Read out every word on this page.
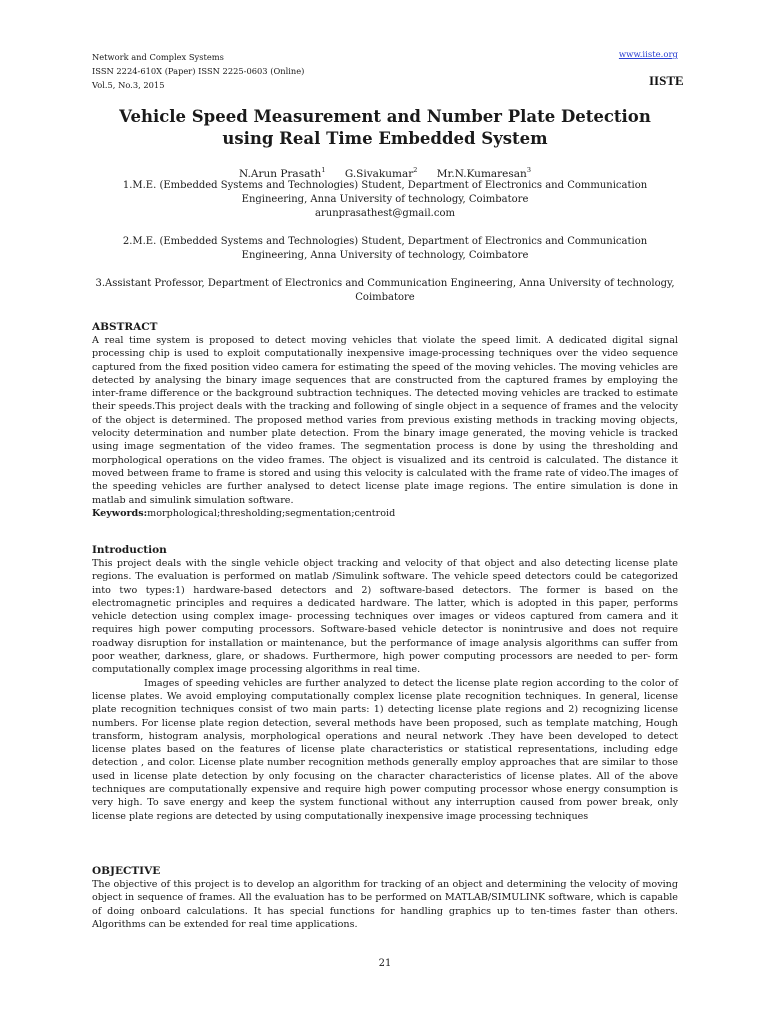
Network and Complex Systems
ISSN 2224-610X (Paper) ISSN 2225-0603 (Online)
Vol.5, No.3, 2015
www.iiste.org
IISTE
Vehicle Speed Measurement and Number Plate Detection using Real Time Embedded System
N.Arun Prasath$^1$ G.Sivakumar$^2$ Mr.N.Kumaresan$^3$
1.M.E. (Embedded Systems and Technologies) Student, Department of Electronics and Communication Engineering, Anna University of technology, Coimbatore
arunprasathest@gmail.com
2.M.E. (Embedded Systems and Technologies) Student, Department of Electronics and Communication Engineering, Anna University of technology, Coimbatore
3.Assistant Professor, Department of Electronics and Communication Engineering, Anna University of technology, Coimbatore
ABSTRACT
A real time system is proposed to detect moving vehicles that violate the speed limit. A dedicated digital signal processing chip is used to exploit computationally inexpensive image-processing techniques over the video sequence captured from the fixed position video camera for estimating the speed of the moving vehicles. The moving vehicles are detected by analysing the binary image sequences that are constructed from the captured frames by employing the inter-frame difference or the background subtraction techniques. The detected moving vehicles are tracked to estimate their speeds.This project deals with the tracking and following of single object in a sequence of frames and the velocity of the object is determined. The proposed method varies from previous existing methods in tracking moving objects, velocity determination and number plate detection. From the binary image generated, the moving vehicle is tracked using image segmentation of the video frames. The segmentation process is done by using the thresholding and morphological operations on the video frames. The object is visualized and its centroid is calculated. The distance it moved between frame to frame is stored and using this velocity is calculated with the frame rate of video.The images of the speeding vehicles are further analysed to detect license plate image regions. The entire simulation is done in matlab and simulink simulation software.
Keywords:morphological;thresholding;segmentation;centroid
Introduction
This project deals with the single vehicle object tracking and velocity of that object and also detecting license plate regions. The evaluation is performed on matlab /Simulink software. The vehicle speed detectors could be categorized into two types:1) hardware-based detectors and 2) software-based detectors. The former is based on the electromagnetic principles and requires a dedicated hardware. The latter, which is adopted in this paper, performs vehicle detection using complex image- processing techniques over images or videos captured from camera and it requires high power computing processors. Software-based vehicle detector is nonintrusive and does not require roadway disruption for installation or maintenance, but the performance of image analysis algorithms can suffer from poor weather, darkness, glare, or shadows. Furthermore, high power computing processors are needed to per- form computationally complex image processing algorithms in real time.
Images of speeding vehicles are further analyzed to detect the license plate region according to the color of license plates. We avoid employing computationally complex license plate recognition techniques. In general, license plate recognition techniques consist of two main parts: 1) detecting license plate regions and 2) recognizing license numbers. For license plate region detection, several methods have been proposed, such as template matching, Hough transform, histogram analysis, morphological operations and neural network .They have been developed to detect license plates based on the features of license plate characteristics or statistical representations, including edge detection , and color. License plate number recognition methods generally employ approaches that are similar to those used in license plate detection by only focusing on the character characteristics of license plates. All of the above techniques are computationally expensive and require high power computing processor whose energy consumption is very high. To save energy and keep the system functional without any interruption caused from power break, only license plate regions are detected by using computationally inexpensive image processing techniques
OBJECTIVE
The objective of this project is to develop an algorithm for tracking of an object and determining the velocity of moving object in sequence of frames. All the evaluation has to be performed on MATLAB/SIMULINK software, which is capable of doing onboard calculations. It has special functions for handling graphics up to ten-times faster than others. Algorithms can be extended for real time applications.
21
